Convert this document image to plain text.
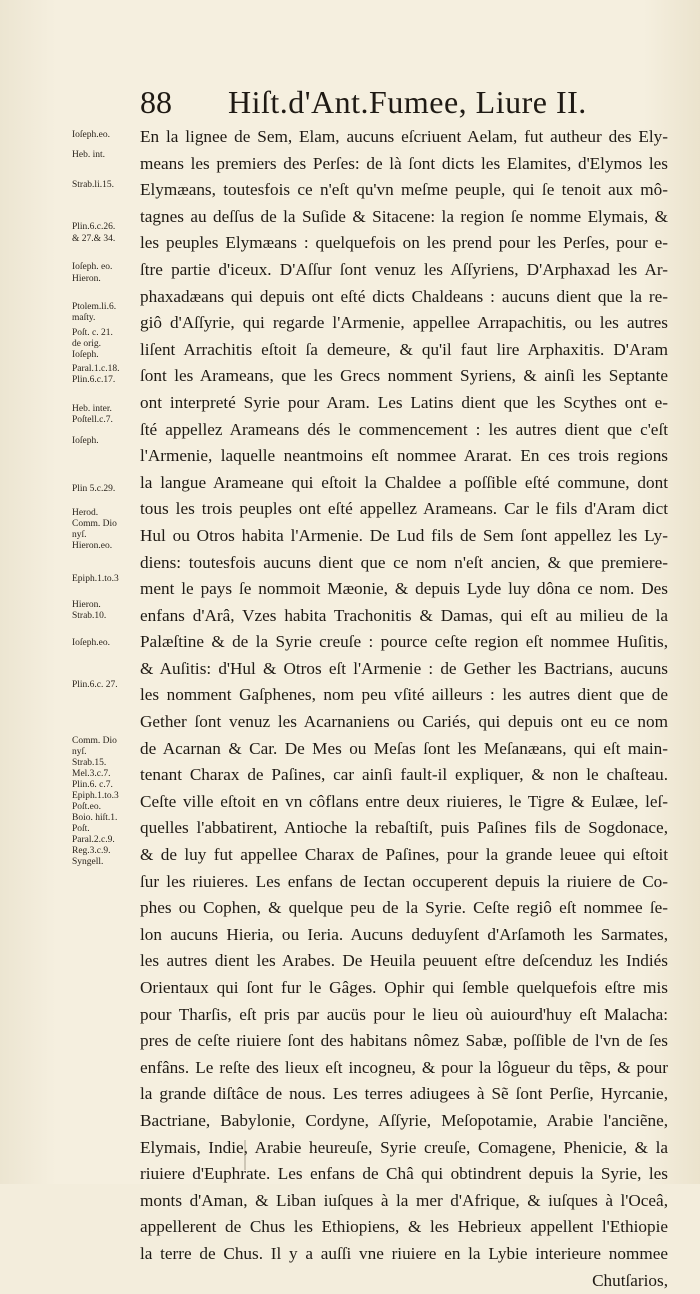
88 Hiſt.d'Ant.Fumee, Liure II.
Ioſeph.eo.
Heb. int.
Strab.li.15.
Plin.6.c.26.
& 27.& 34.
Ioſeph. eo.
Hieron.
Ptolem.li.6.
maſty.
Poſt. c. 21.
de orig.
Ioſeph.
Paral.1.c.18.
Plin.6.c.17.
Heb. inter.
Poſtell.c.7.
Ioſeph.
Plin 5.c.29.
Herod.
Comm. Dio
nyſ.
Hieron.eo.
Epiph.1.to.3
Hieron.
Strab.10.
Ioſeph.eo.
Plin.6.c. 27.
Comm. Dio
nyſ.
Strab.15.
Mel.3.c.7.
Plin.6. c.7.
Epiph.1.to.3
Poſt.eo.
Boio. hiſt.1.
Poſt.
Paral.2.c.9.
Reg.3.c.9.
Syngell.
En la lignee de Sem, Elam, aucuns eſcriuent Aelam, fut autheur des Ely-
means les premiers des Perſes: de là ſont dicts les Elamites, d'Elymos les
Elymæans, toutesfois ce n'eſt qu'vn meſme peuple, qui ſe tenoit aux mô-
tagnes au deſſus de la Suſide & Sitacene: la region ſe nomme Elymais, &
les peuples Elymæans : quelquefois on les prend pour les Perſes, pour e-
ſtre partie d'iceux. D'Aſſur ſont venuz les Aſſyriens, D'Arphaxad les Ar-
phaxadæans qui depuis ont eſté dicts Chaldeans : aucuns dient que la re-
giô d'Aſſyrie, qui regarde l'Armenie, appellee Arrapachitis, ou les autres
liſent Arrachitis eſtoit ſa demeure, & qu'il faut lire Arphaxitis. D'Aram
ſont les Arameans, que les Grecs nomment Syriens, & ainſi les Septante
ont interpreté Syrie pour Aram. Les Latins dient que les Scythes ont e-
ſté appellez Arameans dés le commencement : les autres dient que c'eſt
l'Armenie, laquelle neantmoins eſt nommee Ararat. En ces trois regions
la langue Arameane qui eſtoit la Chaldee a poſſible eſté commune, dont
tous les trois peuples ont eſté appellez Arameans. Car le fils d'Aram dict
Hul ou Otros habita l'Armenie. De Lud fils de Sem ſont appellez les Ly-
diens: toutesfois aucuns dient que ce nom n'eſt ancien, & que premiere-
ment le pays ſe nommoit Mæonie, & depuis Lyde luy dôna ce nom. Des
enfans d'Arâ, Vzes habita Trachonitis & Damas, qui eſt au milieu de la
Palæſtine & de la Syrie creuſe : pource ceſte region eſt nommee Huſitis,
& Auſitis: d'Hul & Otros eſt l'Armenie : de Gether les Bactrians, aucuns
les nomment Gaſphenes, nom peu vſité ailleurs : les autres dient que de
Gether ſont venuz les Acarnaniens ou Cariés, qui depuis ont eu ce nom
de Acarnan & Car. De Mes ou Meſas ſont les Meſanæans, qui eſt main-
tenant Charax de Paſines, car ainſi fault-il expliquer, & non le chaſteau.
Ceſte ville eſtoit en vn côflans entre deux riuieres, le Tigre & Eulæe, leſ-
quelles l'abbatirent, Antioche la rebaſtiſt, puis Paſines fils de Sogdonace,
& de luy fut appellee Charax de Paſines, pour la grande leuee qui eſtoit
ſur les riuieres. Les enfans de Iectan occuperent depuis la riuiere de Co-
phes ou Cophen, & quelque peu de la Syrie. Ceſte regiô eſt nommee ſe-
lon aucuns Hieria, ou Ieria. Aucuns deduyſent d'Arſamoth les Sarmates,
les autres dient les Arabes. De Heuila peuuent eſtre deſcenduz les Indiés
Orientaux qui ſont fur le Gâges. Ophir qui ſemble quelquefois eſtre mis
pour Tharſis, eſt pris par aucüs pour le lieu où auiourd'huy eſt Malacha:
pres de ceſte riuiere ſont des habitans nômez Sabæ, poſſible de l'vn de ſes
enfâns. Le reſte des lieux eſt incogneu, & pour la lôgueur du tẽps, & pour
la grande diſtâce de nous. Les terres adiugees à Sẽ ſont Perſie, Hyrcanie,
Bactriane, Babylonie, Cordyne, Aſſyrie, Meſopotamie, Arabie l'anciẽne,
Elymais, Indie, Arabie heureuſe, Syrie creuſe, Comagene, Phenicie, & la
riuiere d'Euphrate. Les enfans de Châ qui obtindrent depuis la Syrie, les
monts d'Aman, & Liban iuſques à la mer d'Afrique, & iuſques à l'Oceâ,
appellerent de Chus les Ethiopiens, & les Hebrieux appellent l'Ethiopie
la terre de Chus. Il y a auſſi vne riuiere en la Lybie interieure nommee
Chutſarios,
